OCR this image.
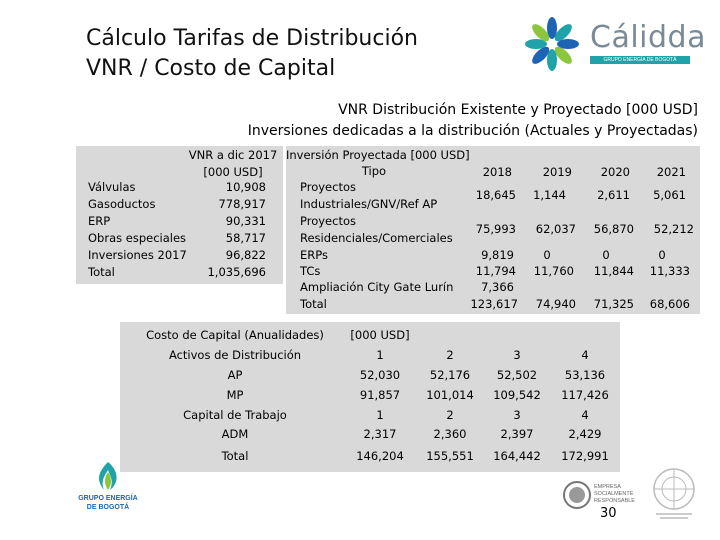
Cálculo Tarifas de Distribución
VNR / Costo de Capital
Cálidda
GRUPO ENERGÍA DE BOGOTÁ
VNR Distribución Existente y Proyectado [000 USD]
Inversiones dedicadas a la distribución (Actuales y Proyectadas)
VNR a dic 2017
[000 USD]
Válvulas	10,908
Gasoductos	778,917
ERP	90,331
Obras especiales	58,717
Inversiones 2017	96,822
Total	1,035,696
Inversión Proyectada [000 USD]
Tipo	2018	2019	2020	2021
Proyectos
Industriales/GNV/Ref AP
18,645	1,144	2,611	5,061
Proyectos
Residenciales/Comerciales
75,993	62,037	56,870	52,212
ERPs	9,819	0	0	0
TCs	11,794	11,760	11,844	11,333
Ampliación City Gate Lurín	7,366
Total	123,617	74,940	71,325	68,606
Costo de Capital (Anualidades)	[000 USD]
Activos de Distribución	1	2	3	4
AP	52,030	52,176	52,502	53,136
MP	91,857	101,014	109,542	117,426
Capital de Trabajo	1	2	3	4
ADM	2,317	2,360	2,397	2,429
Total	146,204	155,551	164,442	172,991
GRUPO ENERGÍA
DE BOGOTÁ
EMPRESA SOCIALMENTE RESPONSABLE
30
